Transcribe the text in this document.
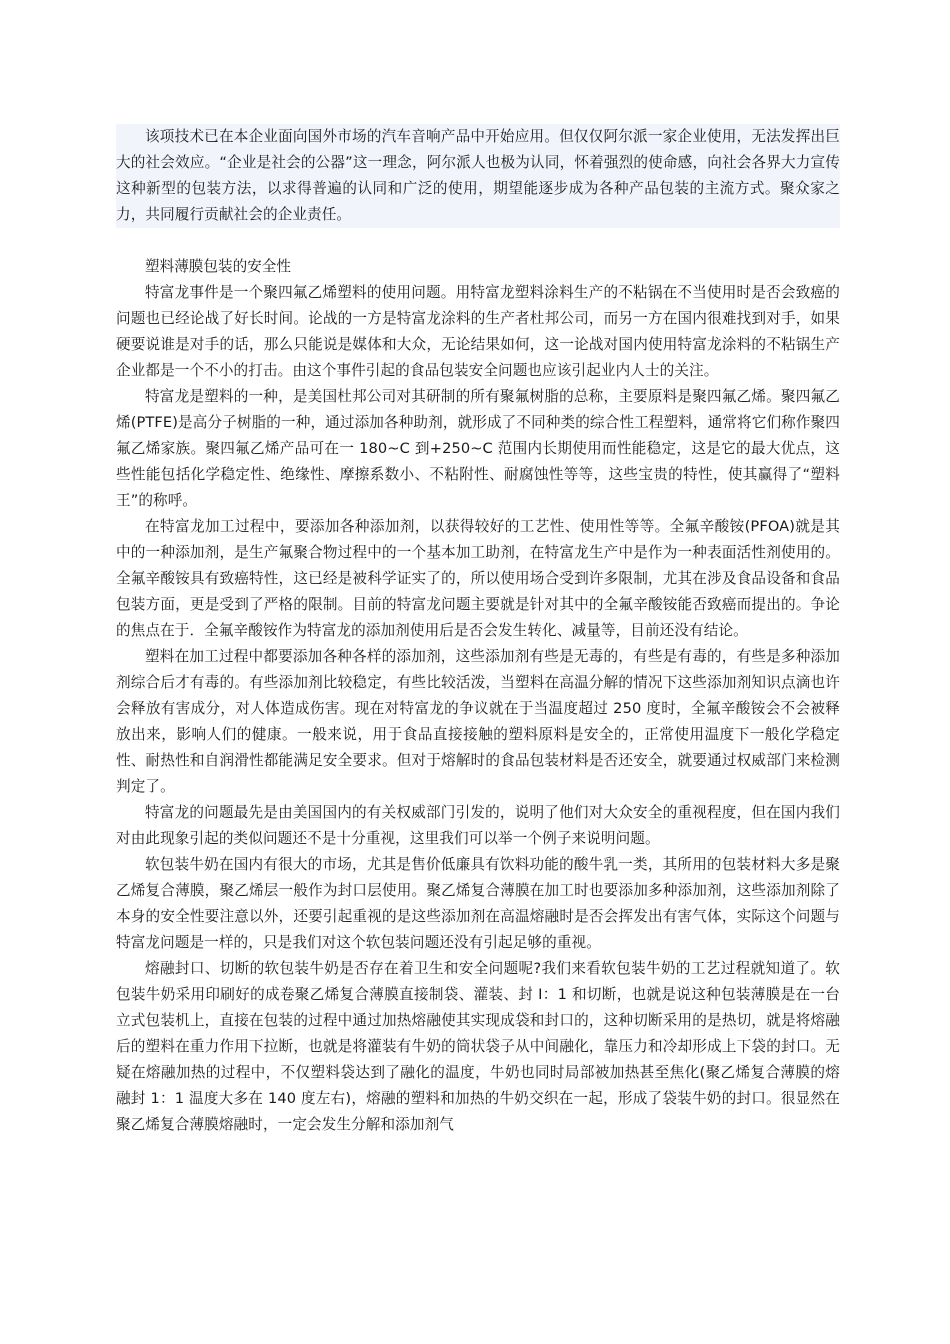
该项技术已在本企业面向国外市场的汽车音响产品中开始应用。但仅仅阿尔派一家企业使用，无法发挥出巨大的社会效应。“企业是社会的公器”这一理念，阿尔派人也极为认同，怀着强烈的使命感，向社会各界大力宣传这种新型的包装方法，以求得普遍的认同和广泛的使用，期望能逐步成为各种产品包装的主流方式。聚众家之力，共同履行贡献社会的企业责任。

塑料薄膜包装的安全性

特富龙事件是一个聚四氟乙烯塑料的使用问题。用特富龙塑料涂料生产的不粘锅在不当使用时是否会致癌的问题也已经论战了好长时间。论战的一方是特富龙涂料的生产者杜邦公司，而另一方在国内很难找到对手，如果硬要说谁是对手的话，那么只能说是媒体和大众，无论结果如何，这一论战对国内使用特富龙涂料的不粘锅生产企业都是一个不小的打击。由这个事件引起的食品包装安全问题也应该引起业内人士的关注。

特富龙是塑料的一种，是美国杜邦公司对其研制的所有聚氟树脂的总称，主要原料是聚四氟乙烯。聚四氟乙烯(PTFE)是高分子树脂的一种，通过添加各种助剂，就形成了不同种类的综合性工程塑料，通常将它们称作聚四氟乙烯家族。聚四氟乙烯产品可在一 180~C 到+250~C 范围内长期使用而性能稳定，这是它的最大优点，这些性能包括化学稳定性、绝缘性、摩擦系数小、不粘附性、耐腐蚀性等等，这些宝贵的特性，使其赢得了“塑料王”的称呼。

在特富龙加工过程中，要添加各种添加剂，以获得较好的工艺性、使用性等等。全氟辛酸铵(PFOA)就是其中的一种添加剂，是生产氟聚合物过程中的一个基本加工助剂，在特富龙生产中是作为一种表面活性剂使用的。全氟辛酸铵具有致癌特性，这已经是被科学证实了的，所以使用场合受到许多限制，尤其在涉及食品设备和食品包装方面，更是受到了严格的限制。目前的特富龙问题主要就是针对其中的全氟辛酸铵能否致癌而提出的。争论的焦点在于．全氟辛酸铵作为特富龙的添加剂使用后是否会发生转化、减量等，目前还没有结论。

塑料在加工过程中都要添加各种各样的添加剂，这些添加剂有些是无毒的，有些是有毒的，有些是多种添加剂综合后才有毒的。有些添加剂比较稳定，有些比较活泼，当塑料在高温分解的情况下这些添加剂知识点滴也许会释放有害成分，对人体造成伤害。现在对特富龙的争议就在于当温度超过 250 度时，全氟辛酸铵会不会被释放出来，影响人们的健康。一般来说，用于食品直接接触的塑料原料是安全的，正常使用温度下一般化学稳定性、耐热性和自润滑性都能满足安全要求。但对于熔解时的食品包装材料是否还安全，就要通过权威部门来检测判定了。

特富龙的问题最先是由美国国内的有关权威部门引发的，说明了他们对大众安全的重视程度，但在国内我们对由此现象引起的类似问题还不是十分重视，这里我们可以举一个例子来说明问题。

软包装牛奶在国内有很大的市场，尤其是售价低廉具有饮料功能的酸牛乳一类，其所用的包装材料大多是聚乙烯复合薄膜，聚乙烯层一般作为封口层使用。聚乙烯复合薄膜在加工时也要添加多种添加剂，这些添加剂除了本身的安全性要注意以外，还要引起重视的是这些添加剂在高温熔融时是否会挥发出有害气体，实际这个问题与特富龙问题是一样的，只是我们对这个软包装问题还没有引起足够的重视。

熔融封口、切断的软包装牛奶是否存在着卫生和安全问题呢?我们来看软包装牛奶的工艺过程就知道了。软包装牛奶采用印刷好的成卷聚乙烯复合薄膜直接制袋、灌装、封 I：1 和切断，也就是说这种包装薄膜是在一台立式包装机上，直接在包装的过程中通过加热熔融使其实现成袋和封口的，这种切断采用的是热切，就是将熔融后的塑料在重力作用下拉断，也就是将灌装有牛奶的筒状袋子从中间融化，靠压力和冷却形成上下袋的封口。无疑在熔融加热的过程中，不仅塑料袋达到了融化的温度，牛奶也同时局部被加热甚至焦化(聚乙烯复合薄膜的熔融封 1：1 温度大多在 140 度左右)，熔融的塑料和加热的牛奶交织在一起，形成了袋装牛奶的封口。很显然在聚乙烯复合薄膜熔融时，一定会发生分解和添加剂气
